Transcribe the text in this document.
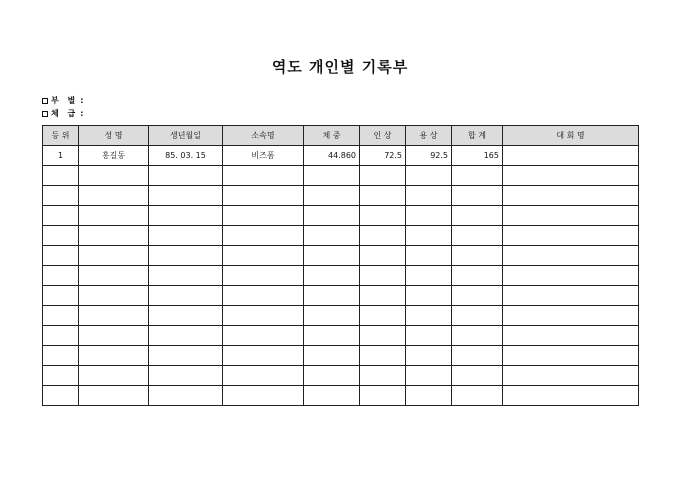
역도 개인별 기록부
부 별 :
체 급 :
등 위	성 명	생년월일	소속명	체 중	인 상	용 상	합 계	대 회 명
1	홍길동	85. 03. 15	비즈폼	44.860	72.5	92.5	165	
